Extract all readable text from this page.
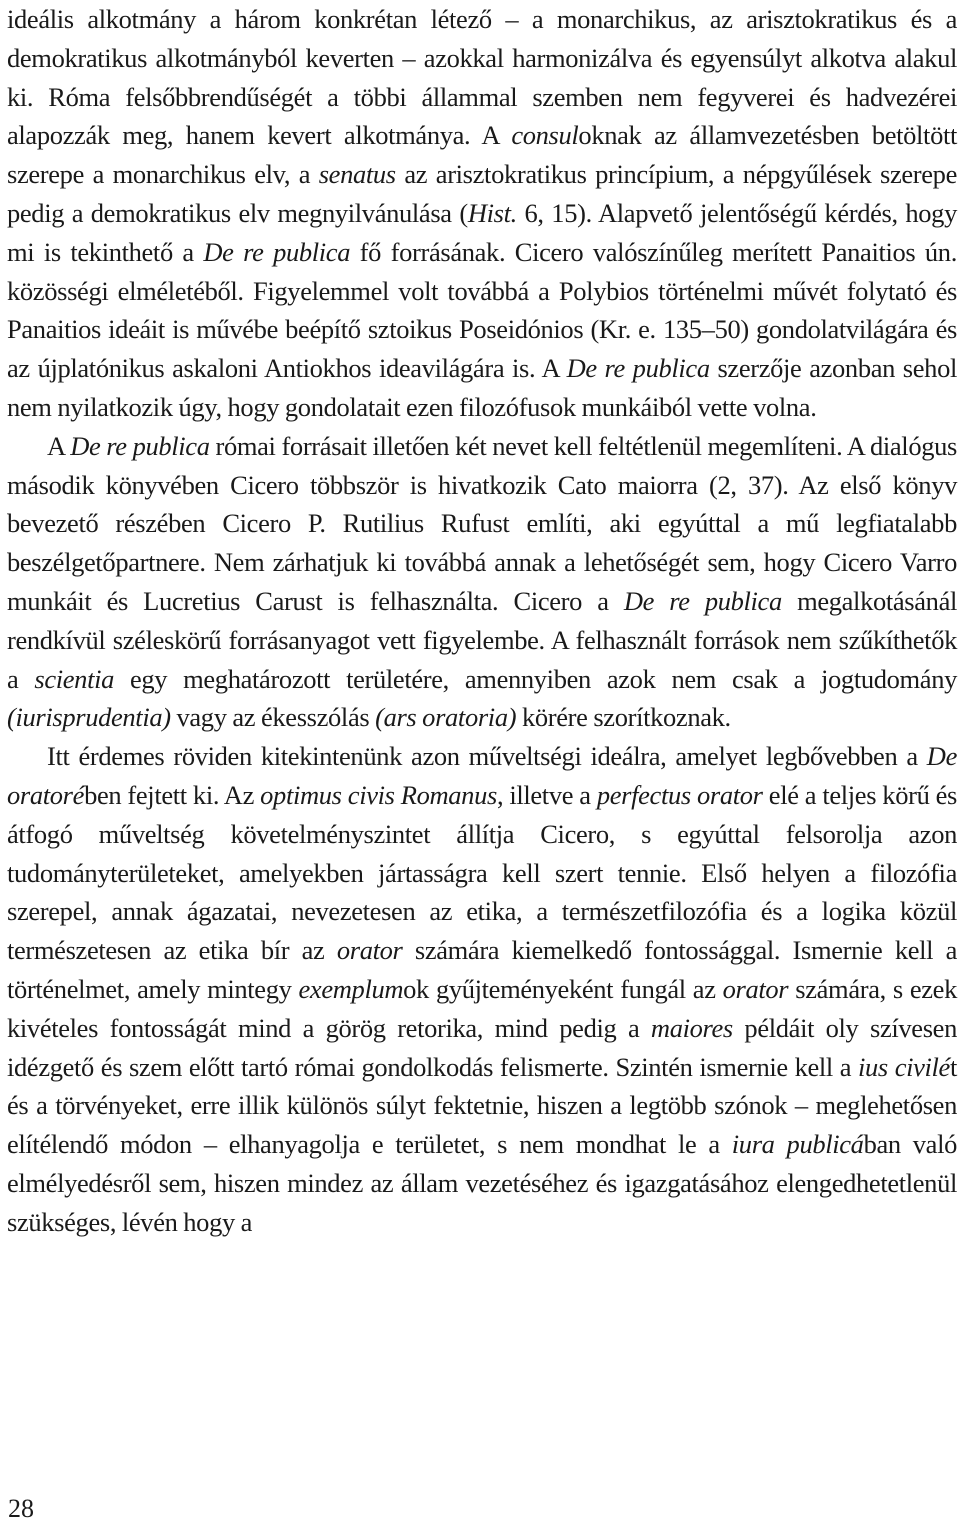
ideális alkotmány a három konkrétan létező – a monarchikus, az arisztokratikus és a demokratikus alkotmányból keverten – azokkal harmonizálva és egyensúlyt alkotva alakul ki. Róma felsőbbrendűségét a többi állammal szemben nem fegyverei és hadvezérei alapozzák meg, hanem kevert alkotmánya. A consuloknak az államvezetésben betöltött szerepe a monarchikus elv, a senatus az arisztokratikus princípium, a népgyűlések szerepe pedig a demokratikus elv megnyilvánulása (Hist. 6, 15). Alapvető jelentőségű kérdés, hogy mi is tekinthető a De re publica fő forrásának. Cicero valószínűleg merített Panaitios ún. közösségi elméletéből. Figyelemmel volt továbbá a Polybios történelmi művét folytató és Panaitios ideáit is művébe beépítő sztoikus Poseidónios (Kr. e. 135–50) gondolatvilágára és az újplatónikus askaloni Antiokhos ideavilágára is. A De re publica szerzője azonban sehol nem nyilatkozik úgy, hogy gondolatait ezen filozófusok munkáiból vette volna.

A De re publica római forrásait illetően két nevet kell feltétlenül megemlíteni. A dialógus második könyvében Cicero többször is hivatkozik Cato maiorra (2, 37). Az első könyv bevezető részében Cicero P. Rutilius Rufust említi, aki egyúttal a mű legfiatalabb beszélgetőpartnere. Nem zárhatjuk ki továbbá annak a lehetőségét sem, hogy Cicero Varro munkáit és Lucretius Carust is felhasználta. Cicero a De re publica megalkotásánál rendkívül széleskörű forrásanyagot vett figyelembe. A felhasznált források nem szűkíthetők a scientia egy meghatározott területére, amennyiben azok nem csak a jogtudomány (iurisprudentia) vagy az ékesszólás (ars oratoria) körére szorítkoznak.

Itt érdemes röviden kitekintenünk azon műveltségi ideálra, amelyet legbővebben a De oratorében fejtett ki. Az optimus civis Romanus, illetve a perfectus orator elé a teljes körű és átfogó műveltség követelményszintet állítja Cicero, s egyúttal felsorolja azon tudományterületeket, amelyekben jártasságra kell szert tennie. Első helyen a filozófia szerepel, annak ágazatai, nevezetesen az etika, a természetfilozófia és a logika közül természetesen az etika bír az orator számára kiemelkedő fontossággal. Ismernie kell a történelmet, amely mintegy exemplumok gyűjteményeként fungál az orator számára, s ezek kivételes fontosságát mind a görög retorika, mind pedig a maiores példáit oly szívesen idézgető és szem előtt tartó római gondolkodás felismerte. Szintén ismernie kell a ius civilét és a törvényeket, erre illik különös súlyt fektetnie, hiszen a legtöbb szónok – meglehetősen elítélendő módon – elhanyagolja e területet, s nem mondhat le a iura publicában való elmélyedésről sem, hiszen mindez az állam vezetéséhez és igazgatásához elengedhetetlenül szükséges, lévén hogy a

28
